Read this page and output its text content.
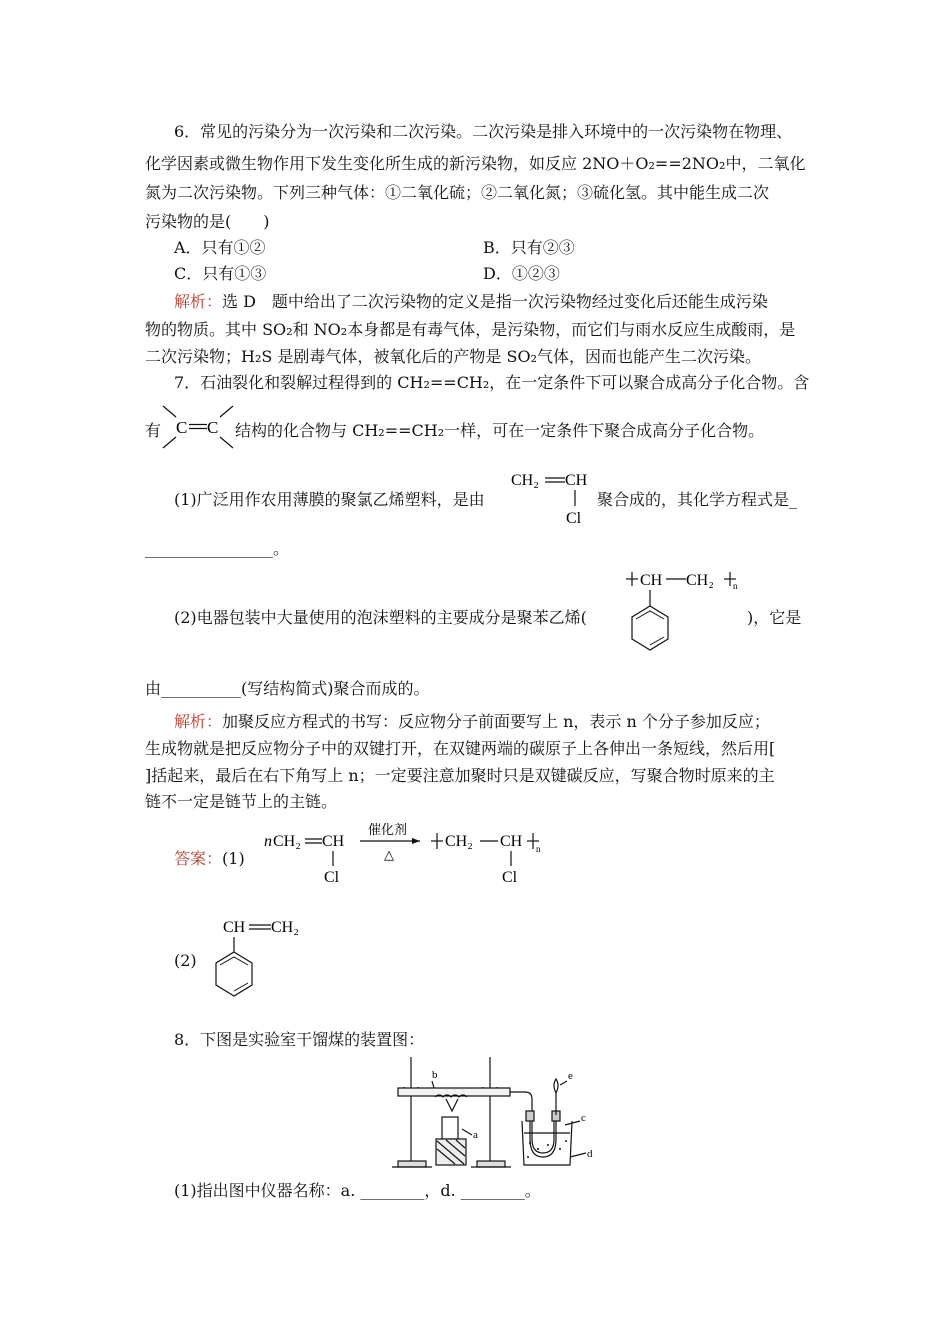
6．常见的污染分为一次污染和二次污染。二次污染是排入环境中的一次污染物在物理、
化学因素或微生物作用下发生变化所生成的新污染物，如反应 2NO＋O₂==2NO₂中，二氧化
氮为二次污染物。下列三种气体：①二氧化硫；②二氧化氮；③硫化氢。其中能生成二次
污染物的是(　　)
A．只有①②	B．只有②③
C．只有①③	D．①②③
解析：选 D　题中给出了二次污染物的定义是指一次污染物经过变化后还能生成污染
物的物质。其中 SO₂和 NO₂本身都是有毒气体，是污染物，而它们与雨水反应生成酸雨，是
二次污染物；H₂S 是剧毒气体，被氧化后的产物是 SO₂气体，因而也能产生二次污染。
7．石油裂化和裂解过程得到的 CH₂==CH₂，在一定条件下可以聚合成高分子化合物。含
有 C C 结构的化合物与 CH₂==CH₂一样，可在一定条件下聚合成高分子化合物。
(1)广泛用作农用薄膜的聚氯乙烯塑料，是由
CH₂ CH
Cl
聚合成的，其化学方程式是_
________________。
(2)电器包装中大量使用的泡沫塑料的主要成分是聚苯乙烯(
CH CH₂ n
)，它是
由__________(写结构简式)聚合而成的。
解析：加聚反应方程式的书写：反应物分子前面要写上 n，表示 n 个分子参加反应；
生成物就是把反应物分子中的双键打开，在双键两端的碳原子上各伸出一条短线，然后用[
]括起来，最后在右下角写上 n；一定要注意加聚时只是双键碳反应，写聚合物时原来的主
链不一定是链节上的主链。
答案：(1)
n CH₂ CH
Cl
催化剂
△
CH₂ CH
Cl
n
(2)
CH CH₂
8．下图是实验室干馏煤的装置图：
b
a
e
c
d
(1)指出图中仪器名称：a. ________，d. ________。
